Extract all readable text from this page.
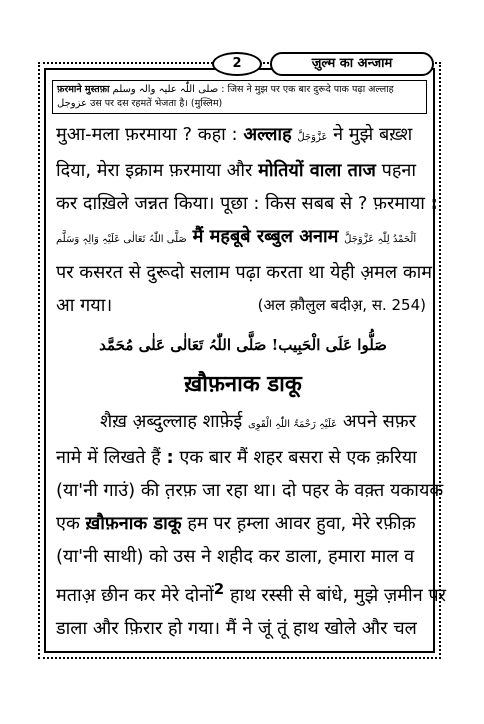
2	ज़ुल्म का अन्जाम
फ़रमाने मुस्तफ़ा صلی اللّٰہ علیہ والہ وسلم : जिस ने मुझ पर एक बार दुरूदे पाक पढ़ा अल्लाह عزوجل उस पर दस रहमतें भेजता है। (मुस्लिम)
मुआ-मला फ़रमाया ? कहा : अल्लाह عَزَّوَجَلَّ ने मुझे बख़्श
दिया, मेरा इक्राम फ़रमाया और मोतियों वाला ताज पहना
कर दाख़िले जन्नत किया। पूछा : किस सबब से ? फ़रमाया :
صَلَّی اللّٰہُ تَعَالٰی عَلَیْہِ وَالِہٖ وَسَلَّم मैं महबूबे रब्बुल अनाम اَلْحَمْدُ لِلّٰہِ عَزَّوَجَلَّ
पर कसरत से दुरूदो सलाम पढ़ा करता था येही अ़मल काम
आ गया।	(अल क़ौलुल बदीअ़, स. 254)
صَلُّوا عَلَی الْحَبِیب! صَلَّی اللّٰہُ تَعَالٰی عَلٰی مُحَمَّد
ख़ौफ़नाक डाकू
शैख़ अ़ब्दुल्लाह शाफ़ेई عَلَیْہِ رَحْمَۃُ اللّٰہِ الْقَوِی अपने सफ़र
नामे में लिखते हैं : एक बार मैं शहर बसरा से एक क़रिया
(या'नी गाउं) की त़रफ़ जा रहा था। दो पहर के वक़्त यकायक
एक ख़ौफ़नाक डाकू हम पर ह़म्ला आवर हुवा, मेरे रफ़ीक़
(या'नी साथी) को उस ने शहीद कर डाला, हमारा माल व
मताअ़ छीन कर मेरे दोनों$^2$ हाथ रस्सी से बांधे, मुझे ज़मीन पर
डाला और फ़िरार हो गया। मैं ने जूं तूं हाथ खोले और चल
